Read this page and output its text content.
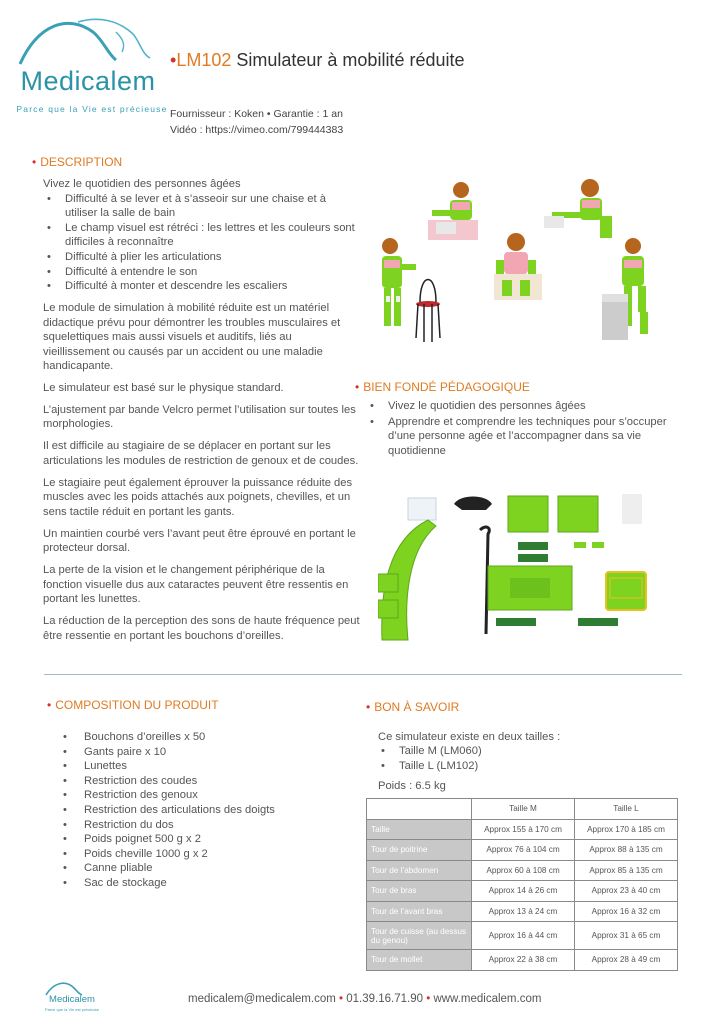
Medicalem
Parce que la Vie est précieuse
•LM102 Simulateur à mobilité réduite
Fournisseur : Koken • Garantie : 1 an
Vidéo : https://vimeo.com/799444383
• DESCRIPTION
Vivez le quotidien des personnes âgées
• Difficulté à se lever et à s’asseoir sur une chaise et à utiliser la salle de bain
• Le champ visuel est rétréci : les lettres et les couleurs sont difficiles à reconnaître
• Difficulté à plier les articulations
• Difficulté à entendre le son
• Difficulté à monter et descendre les escaliers

Le module de simulation à mobilité réduite est un matériel didactique prévu pour démontrer les troubles musculaires et squelettiques mais aussi visuels et auditifs, liés au vieillissement ou causés par un accident ou une maladie handicapante.

Le simulateur est basé sur le physique standard.

L’ajustement par bande Velcro permet l’utilisation sur toutes les morphologies.

Il est difficile au stagiaire de se déplacer en portant sur les articulations les modules de restriction de genoux et de coudes.

Le stagiaire peut également éprouver la puissance réduite des muscles avec les poids attachés aux poignets, chevilles, et un sens tactile réduit en portant les gants.

Un maintien courbé vers l’avant peut être éprouvé en portant le protecteur dorsal.

La perte de la vision et le changement périphérique de la fonction visuelle dus aux cataractes peuvent être ressentis en portant les lunettes.

La réduction de la perception des sons de haute fréquence peut être ressentie en portant les bouchons d’oreilles.

• BIEN FONDÉ PÉDAGOGIQUE
• Vivez le quotidien des personnes âgées
• Apprendre et comprendre les techniques pour s’occuper d’une personne agée et l’accompagner dans sa vie quotidienne
• COMPOSITION DU PRODUIT
• Bouchons d’oreilles x 50
• Gants paire x 10
• Lunettes
• Restriction des coudes
• Restriction des genoux
• Restriction des articulations des doigts
• Restriction du dos
• Poids poignet 500 g x 2
• Poids cheville 1000 g x 2
• Canne pliable
• Sac de stockage
• BON À SAVOIR
Ce simulateur existe en deux tailles :
• Taille M (LM060)
• Taille L (LM102)
Poids : 6.5 kg
	Taille M	Taille L
Taille	Approx 155 à 170 cm	Approx 170 à 185 cm
Tour de poitrine	Approx 76 à 104 cm	Approx 88 à 135 cm
Tour de l’abdomen	Approx 60 à 108 cm	Approx 85 à 135 cm
Tour de bras	Approx 14 à 26 cm	Approx 23 à 40 cm
Tour de l’avant bras	Approx 13 à 24 cm	Approx 16 à 32 cm
Tour de cuisse (au dessus du genou)	Approx 16 à 44 cm	Approx 31 à 65 cm
Tour de mollet	Approx 22 à 38 cm	Approx 28 à 49 cm
Medicalem
Parce que la Vie est précieuse
medicalem@medicalem.com • 01.39.16.71.90 • www.medicalem.com
